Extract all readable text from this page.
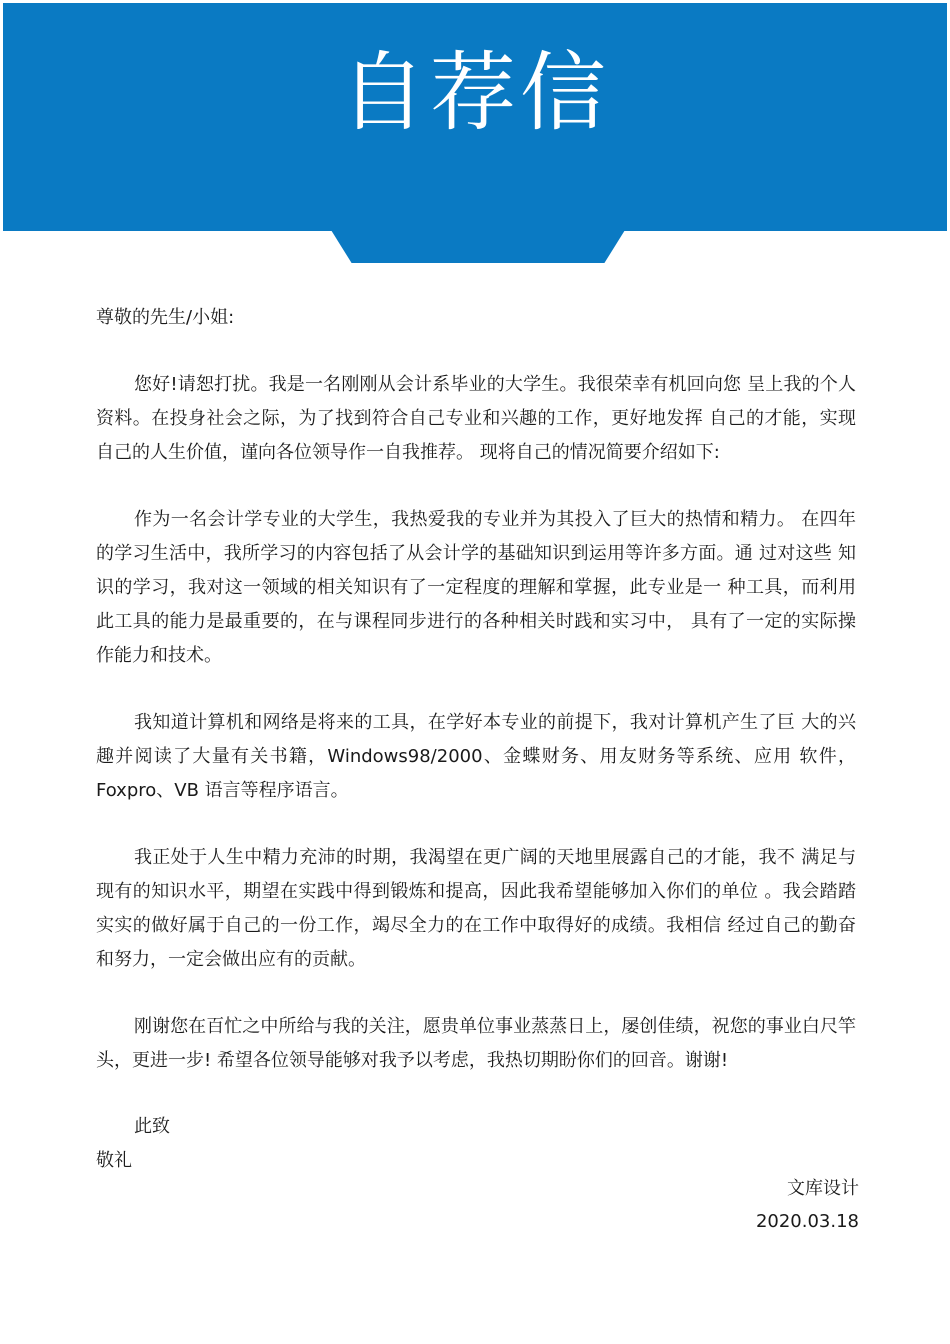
自荐信

尊敬的先生/小姐:

您好!请恕打扰。我是一名刚刚从会计系毕业的大学生。我很荣幸有机回向您 呈上我的个人资料。在投身社会之际，为了找到符合自己专业和兴趣的工作，更好地发挥 自己的才能，实现自己的人生价值，谨向各位领导作一自我推荐。 现将自己的情况简要介绍如下:

作为一名会计学专业的大学生，我热爱我的专业并为其投入了巨大的热情和精力。 在四年的学习生活中，我所学习的内容包括了从会计学的基础知识到运用等许多方面。通 过对这些 知识的学习，我对这一领域的相关知识有了一定程度的理解和掌握，此专业是一 种工具，而利用此工具的能力是最重要的，在与课程同步进行的各种相关时践和实习中， 具有了一定的实际操作能力和技术。

我知道计算机和网络是将来的工具，在学好本专业的前提下，我对计算机产生了巨 大的兴趣并阅读了大量有关书籍，Windows98/2000、金蝶财务、用友财务等系统、应用 软件，Foxpro、VB 语言等程序语言。

我正处于人生中精力充沛的时期，我渴望在更广阔的天地里展露自己的才能，我不 满足与现有的知识水平，期望在实践中得到锻炼和提高，因此我希望能够加入你们的单位 。我会踏踏实实的做好属于自己的一份工作，竭尽全力的在工作中取得好的成绩。我相信 经过自己的勤奋和努力，一定会做出应有的贡献。

刚谢您在百忙之中所给与我的关注，愿贵单位事业蒸蒸日上，屡创佳绩，祝您的事业白尺竿头，更进一步! 希望各位领导能够对我予以考虑，我热切期盼你们的回音。谢谢!

此致

敬礼

文库设计
2020.03.18
